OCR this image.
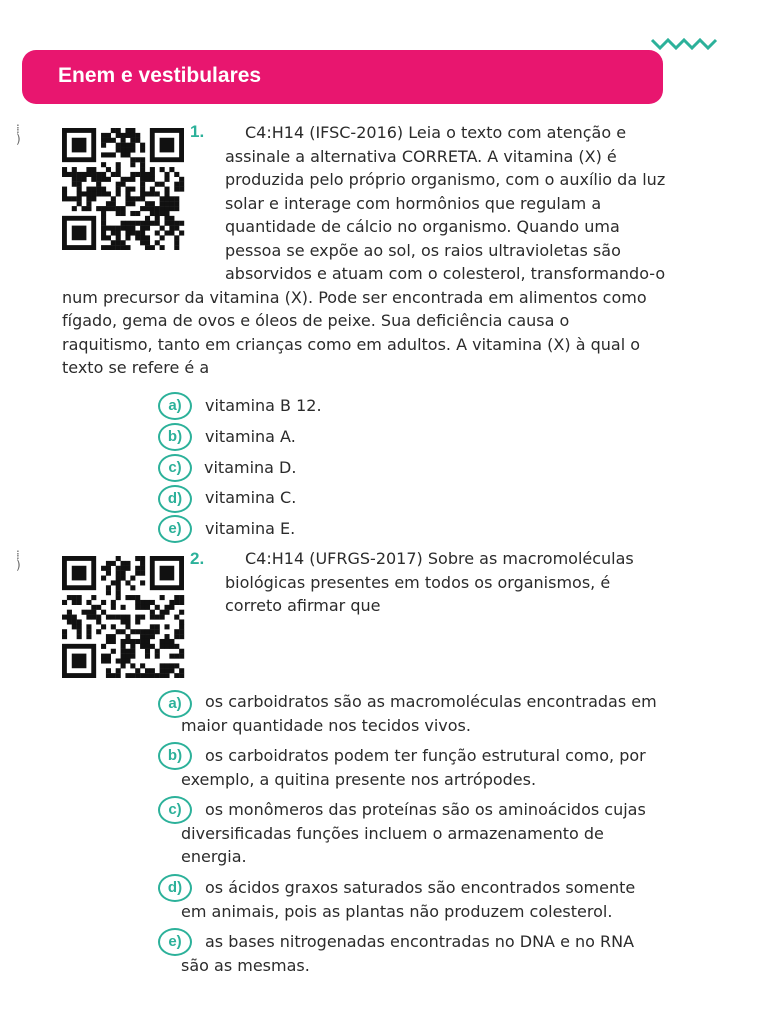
Enem e vestibulares
⁞
)
⁞
)
1.	C4:H14 (IFSC-2016) Leia o texto com atenção e
assinale a alternativa CORRETA. A vitamina (X) é
produzida pelo próprio organismo, com o auxílio da luz
solar e interage com hormônios que regulam a
quantidade de cálcio no organismo. Quando uma
pessoa se expõe ao sol, os raios ultravioletas são
absorvidos e atuam com o colesterol, transformando-o
num precursor da vitamina (X). Pode ser encontrada em alimentos como
fígado, gema de ovos e óleos de peixe. Sua deficiência causa o
raquitismo, tanto em crianças como em adultos. A vitamina (X) à qual o
texto se refere é a
a)	vitamina B 12.
b)	vitamina A.
c)	vitamina D.
d)	vitamina C.
e)	vitamina E.
2.	C4:H14 (UFRGS-2017) Sobre as macromoléculas
biológicas presentes em todos os organismos, é
correto afirmar que
a)	os carboidratos são as macromoléculas encontradas em
maior quantidade nos tecidos vivos.
b)	os carboidratos podem ter função estrutural como, por
exemplo, a quitina presente nos artrópodes.
c)	os monômeros das proteínas são os aminoácidos cujas
diversificadas funções incluem o armazenamento de
energia.
d)	os ácidos graxos saturados são encontrados somente
em animais, pois as plantas não produzem colesterol.
e)	as bases nitrogenadas encontradas no DNA e no RNA
são as mesmas.
